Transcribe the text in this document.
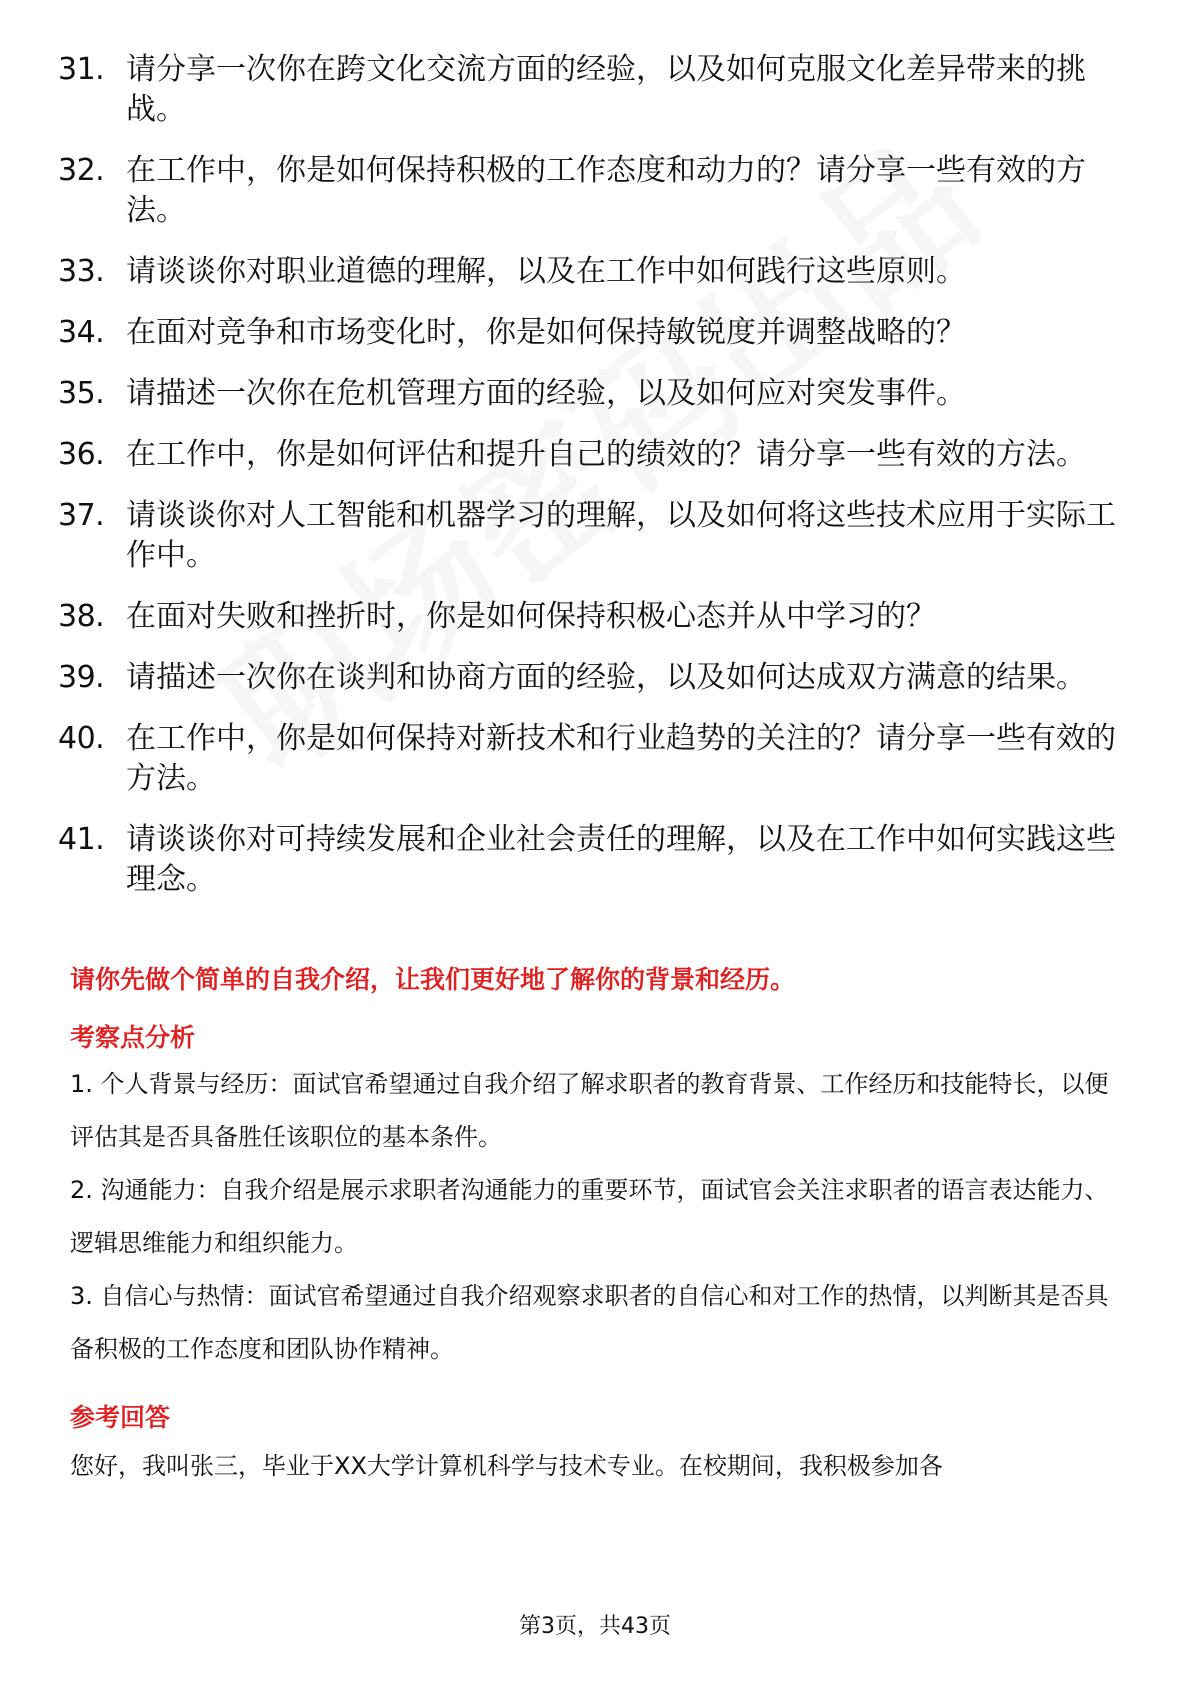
31. 请分享一次你在跨文化交流方面的经验，以及如何克服文化差异带来的挑战。
32. 在工作中，你是如何保持积极的工作态度和动力的？请分享一些有效的方法。
33. 请谈谈你对职业道德的理解，以及在工作中如何践行这些原则。
34. 在面对竞争和市场变化时，你是如何保持敏锐度并调整战略的？
35. 请描述一次你在危机管理方面的经验，以及如何应对突发事件。
36. 在工作中，你是如何评估和提升自己的绩效的？请分享一些有效的方法。
37. 请谈谈你对人工智能和机器学习的理解，以及如何将这些技术应用于实际工作中。
38. 在面对失败和挫折时，你是如何保持积极心态并从中学习的？
39. 请描述一次你在谈判和协商方面的经验，以及如何达成双方满意的结果。
40. 在工作中，你是如何保持对新技术和行业趋势的关注的？请分享一些有效的方法。
41. 请谈谈你对可持续发展和企业社会责任的理解，以及在工作中如何实践这些理念。
请你先做个简单的自我介绍，让我们更好地了解你的背景和经历。
考察点分析
1. 个人背景与经历：面试官希望通过自我介绍了解求职者的教育背景、工作经历和技能特长，以便评估其是否具备胜任该职位的基本条件。
2. 沟通能力：自我介绍是展示求职者沟通能力的重要环节，面试官会关注求职者的语言表达能力、逻辑思维能力和组织能力。
3. 自信心与热情：面试官希望通过自我介绍观察求职者的自信心和对工作的热情，以判断其是否具备积极的工作态度和团队协作精神。
参考回答
您好，我叫张三，毕业于XX大学计算机科学与技术专业。在校期间，我积极参加各
第3页，共43页
